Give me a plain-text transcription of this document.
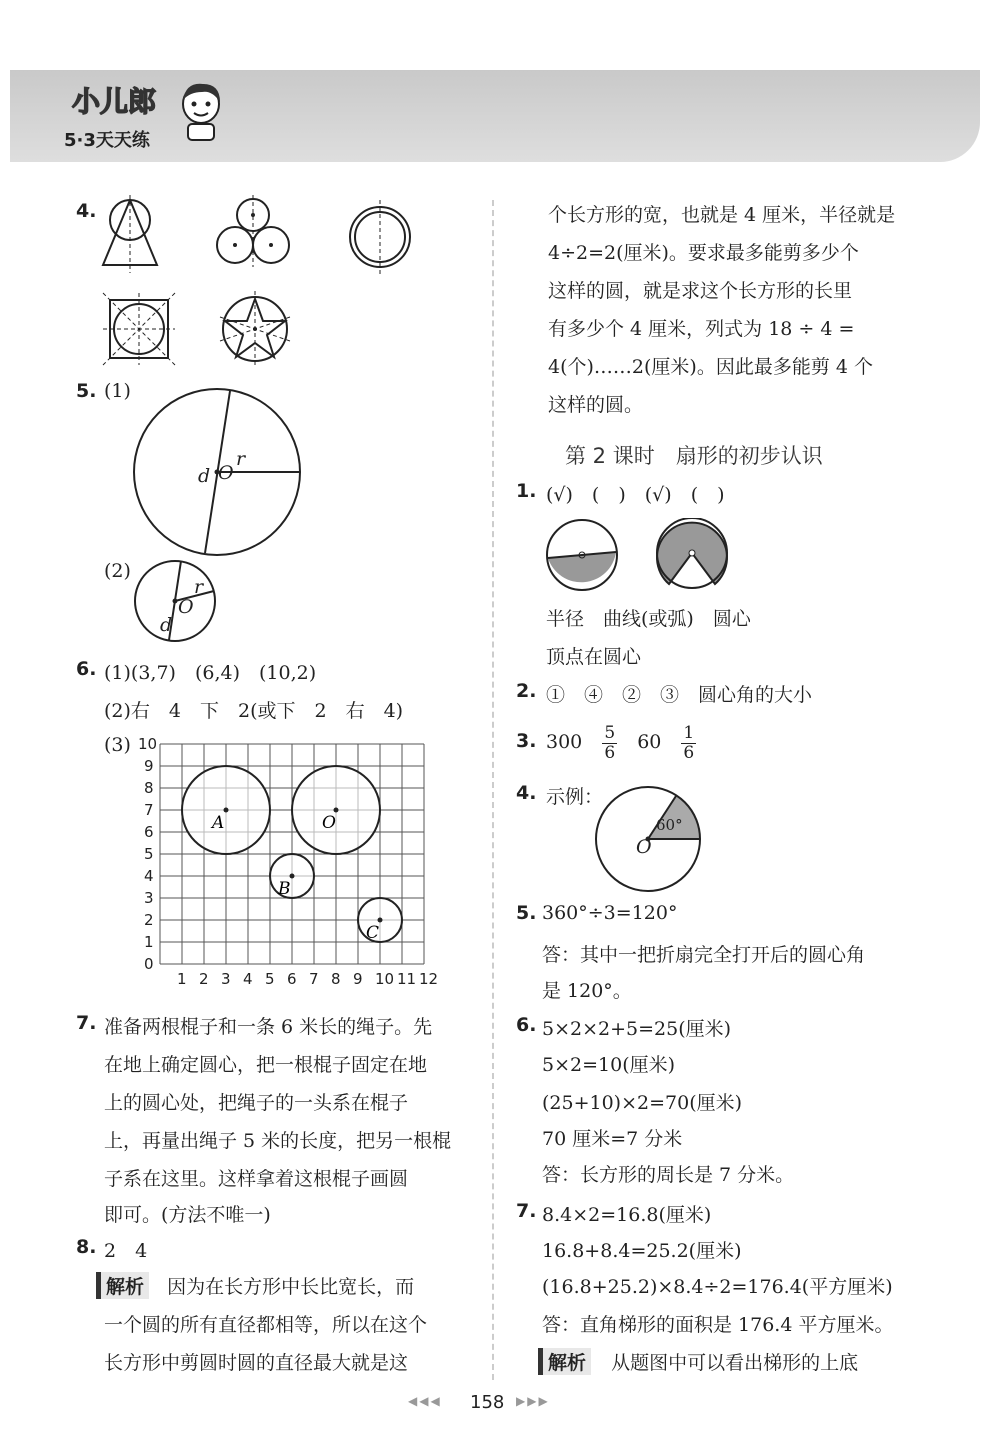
小儿郎
5·3天天练
4.
5. (1)
r
O
d
(2)
r
O
d
6. (1)(3,7)　(6,4)　(10,2)
(2)右　4　下　2(或下　2　右　4)
(3)
1 2 3 4 5 6 7 8 9 10 11 12
0
1
2
3
4
5
6
7
8
9
10
A	O
B
C
7. 准备两根棍子和一条 6 米长的绳子。先
在地上确定圆心，把一根棍子固定在地
上的圆心处，把绳子的一头系在棍子
上，再量出绳子 5 米的长度，把另一根棍
子系在这里。这样拿着这根棍子画圆
即可。(方法不唯一)
8. 2　4
解析 因为在长方形中长比宽长，而
一个圆的所有直径都相等，所以在这个
长方形中剪圆时圆的直径最大就是这
个长方形的宽，也就是 4 厘米，半径就是
4÷2=2(厘米)。要求最多能剪多少个
这样的圆，就是求这个长方形的长里
有多少个 4 厘米，列式为 18 ÷ 4 =
4(个)……2(厘米)。因此最多能剪 4 个
这样的圆。
第 2 课时　扇形的初步认识
1. (√)　(　)　(√)　(　)
半径　曲线(或弧)　圆心
顶点在圆心
2. ①　④　②　③　圆心角的大小
3. $300 \frac{5}{6} 60 \frac{1}{6}$
4. 示例：
60°
O
5. 360°÷3=120°
答：其中一把折扇完全打开后的圆心角
是 120°。
6. 5×2×2+5=25(厘米)
5×2=10(厘米)
(25+10)×2=70(厘米)
70 厘米=7 分米
答：长方形的周长是 7 分米。
7. 8.4×2=16.8(厘米)
16.8+8.4=25.2(厘米)
(16.8+25.2)×8.4÷2=176.4(平方厘米)
答：直角梯形的面积是 176.4 平方厘米。
解析 从题图中可以看出梯形的上底
◀◀◀ 158 ▶▶▶
